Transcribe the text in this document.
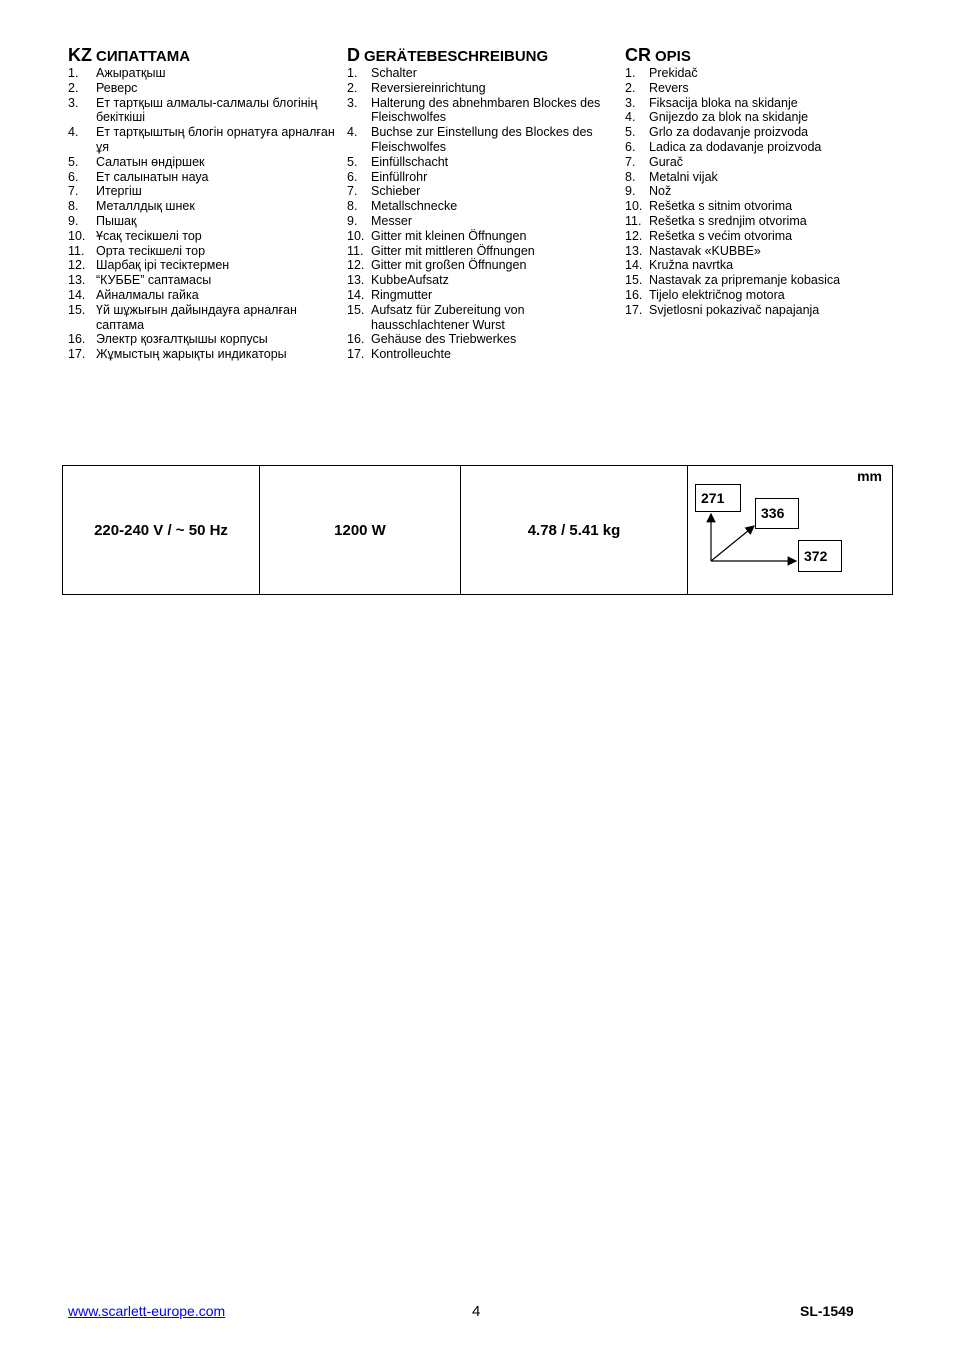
KZ СИПАТТАМА
1.	Ажыратқыш
2.	Реверс
3.	Ет тартқыш алмалы-салмалы блогінің бекіткіші
4.	Ет тартқыштың блогін орнатуға арналған ұя
5.	Салатын өндіршек
6.	Ет салынатын науа
7.	Итергіш
8.	Металлдық шнек
9.	Пышақ
10. Ұсақ тесікшелі тор
11. Орта тесікшелі тор
12. Шарбақ ірі тесіктермен
13. “КУББЕ” саптамасы
14. Айналмалы гайка
15. Үй шұжығын дайындауға арналған саптама
16. Электр қозғалтқышы корпусы
17. Жұмыстың жарықты индикаторы
D GERÄTEBESCHREIBUNG
1.	Schalter
2.	Reversiereinrichtung
3.	Halterung des abnehmbaren Blockes des Fleischwolfes
4.	Buchse zur Einstellung des Blockes des Fleischwolfes
5.	Einfüllschacht
6.	Einfüllrohr
7.	Schieber
8.	Metallschnecke
9.	Messer
10. Gitter mit kleinen Öffnungen
11. Gitter mit mittleren Öffnungen
12. Gitter mit großen Öffnungen
13. KubbeAufsatz
14. Ringmutter
15. Aufsatz für Zubereitung von hausschlachtener Wurst
16. Gehäuse des Triebwerkes
17. Kontrolleuchte
CR OPIS
1.	Prekidač
2.	Revers
3.	Fiksacija bloka na skidanje
4.	Gnijezdo za blok na skidanje
5.	Grlo za dodavanje proizvoda
6.	Ladica za dodavanje proizvoda
7.	Gurač
8.	Metalni vijak
9.	Nož
10. Rešetka s sitnim otvorima
11. Rešetka s srednjim otvorima
12. Rešetka s većim otvorima
13. Nastavak «KUBBE»
14. Kružna navrtka
15. Nastavak za pripremanje kobasica
16. Tijelo električnog motora
17. Svjetlosni pokazivač napajanja
220-240 V / ~ 50 Hz	1200 W	4.78 / 5.41 kg	
mm
271
336
372
www.scarlett-europe.com	4	SL-1549
